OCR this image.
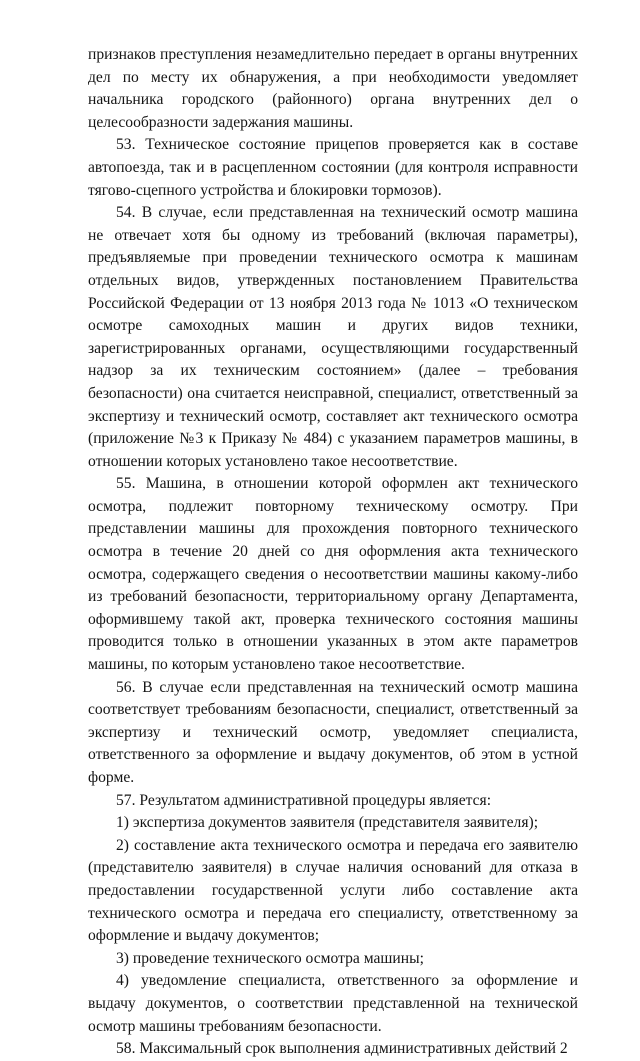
признаков преступления незамедлительно передает в органы внутренних дел по месту их обнаружения, а при необходимости уведомляет начальника городского (районного) органа внутренних дел о целесообразности задержания машины.

53. Техническое состояние прицепов проверяется как в составе автопоезда, так и в расцепленном состоянии (для контроля исправности тягово-сцепного устройства и блокировки тормозов).

54. В случае, если представленная на технический осмотр машина не отвечает хотя бы одному из требований (включая параметры), предъявляемые при проведении технического осмотра к машинам отдельных видов, утвержденных постановлением Правительства Российской Федерации от 13 ноября 2013 года № 1013 «О техническом осмотре самоходных машин и других видов техники, зарегистрированных органами, осуществляющими государственный надзор за их техническим состоянием» (далее – требования безопасности) она считается неисправной, специалист, ответственный за экспертизу и технический осмотр, составляет акт технического осмотра (приложение №3 к Приказу № 484) с указанием параметров машины, в отношении которых установлено такое несоответствие.

55. Машина, в отношении которой оформлен акт технического осмотра, подлежит повторному техническому осмотру. При представлении машины для прохождения повторного технического осмотра в течение 20 дней со дня оформления акта технического осмотра, содержащего сведения о несоответствии машины какому-либо из требований безопасности, территориальному органу Департамента, оформившему такой акт, проверка технического состояния машины проводится только в отношении указанных в этом акте параметров машины, по которым установлено такое несоответствие.

56. В случае если представленная на технический осмотр машина соответствует требованиям безопасности, специалист, ответственный за экспертизу и технический осмотр, уведомляет специалиста, ответственного за оформление и выдачу документов, об этом в устной форме.

57. Результатом административной процедуры является:

1) экспертиза документов заявителя (представителя заявителя);

2) составление акта технического осмотра и передача его заявителю (представителю заявителя) в случае наличия оснований для отказа в предоставлении государственной услуги либо составление акта технического осмотра и передача его специалисту, ответственному за оформление и выдачу документов;

3) проведение технического осмотра машины;

4) уведомление специалиста, ответственного за оформление и выдачу документов, о соответствии представленной на технической осмотр машины требованиям безопасности.

58. Максимальный срок выполнения административных действий 2
